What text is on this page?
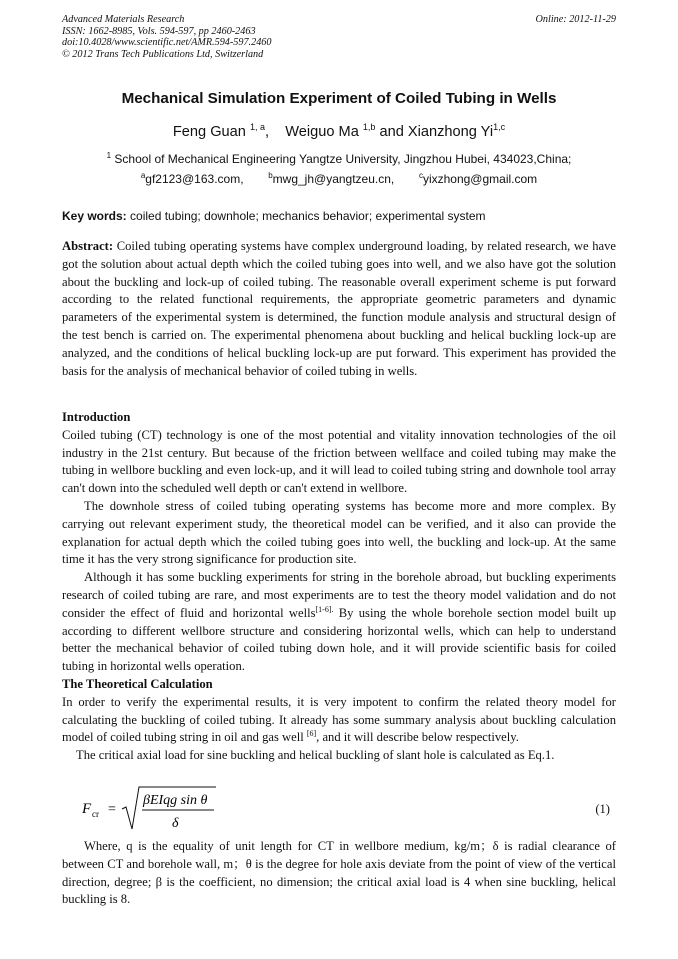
Advanced Materials Research
ISSN: 1662-8985, Vols. 594-597, pp 2460-2463
doi:10.4028/www.scientific.net/AMR.594-597.2460
© 2012 Trans Tech Publications Ltd, Switzerland
Online: 2012-11-29
Mechanical Simulation Experiment of Coiled Tubing in Wells
Feng Guan $^{1, a}$, Weiguo Ma $^{1,b}$ and Xianzhong Yi$^{1,c}$
$^1$ School of Mechanical Engineering Yangtze University, Jingzhou Hubei, 434023,China;
$^a$gf2123@163.com,	$^b$mwg_jh@yangtzeu.cn,	$^c$yixzhong@gmail.com
Key words: coiled tubing; downhole; mechanics behavior; experimental system

Abstract: Coiled tubing operating systems have complex underground loading, by related research, we have got the solution about actual depth which the coiled tubing goes into well, and we also have got the solution about the buckling and lock-up of coiled tubing. The reasonable overall experiment scheme is put forward according to the related functional requirements, the appropriate geometric parameters and dynamic parameters of the experimental system is determined, the function module analysis and structural design of the test bench is carried on. The experimental phenomena about buckling and helical buckling lock-up are analyzed, and the conditions of helical buckling lock-up are put forward. This experiment has provided the basis for the analysis of mechanical behavior of coiled tubing in wells.

Introduction

Coiled tubing (CT) technology is one of the most potential and vitality innovation technologies of the oil industry in the 21st century. But because of the friction between wellface and coiled tubing may make the tubing in wellbore buckling and even lock-up, and it will lead to coiled tubing string and downhole tool array can't down into the scheduled well depth or can't extend in wellbore.

The downhole stress of coiled tubing operating systems has become more and more complex. By carrying out relevant experiment study, the theoretical model can be verified, and it also can provide the explanation for actual depth which the coiled tubing goes into well, the buckling and lock-up. At the same time it has the very strong significance for production site.

Although it has some buckling experiments for string in the borehole abroad, but buckling experiments research of coiled tubing are rare, and most experiments are to test the theory model validation and do not consider the effect of fluid and horizontal wells$^{[1-6].}$ By using the whole borehole section model built up according to different wellbore structure and considering horizontal wells, which can help to understand better the mechanical behavior of coiled tubing down hole, and it will provide scientific basis for coiled tubing in horizontal wells operation.

The Theoretical Calculation

In order to verify the experimental results, it is very impotent to confirm the related theory model for calculating the buckling of coiled tubing. It already has some summary analysis about buckling calculation model of coiled tubing string in oil and gas well [6], and it will describe below respectively.

The critical axial load for sine buckling and helical buckling of slant hole is calculated as Eq.1.

F cr =
βEIqg sin θ
δ
(1)

Where, q is the equality of unit length for CT in wellbore medium, kg/m；δ is radial clearance of between CT and borehole wall, m；θ is the degree for hole axis deviate from the point of view of the vertical direction, degree; β is the coefficient, no dimension; the critical axial load is 4 when sine buckling, helical buckling is 8.
